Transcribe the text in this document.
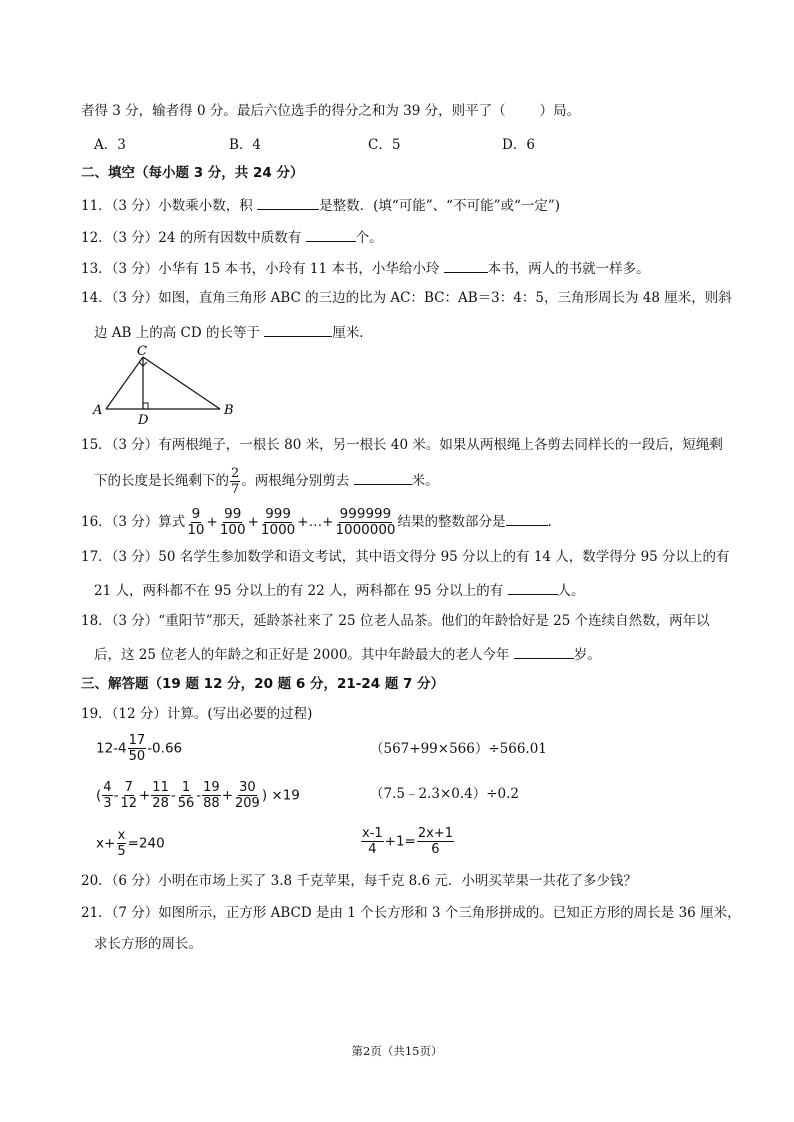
者得 3 分，输者得 0 分。最后六位选手的得分之和为 39 分，则平了（	）局。
A．3	B．4	C．5	D．6
二、填空（每小题 3 分，共 24 分）
11．（3 分）小数乘小数，积	是整数．(填“可能”、“不可能”或“一定”)
12．（3 分）24 的所有因数中质数有	个。
13．（3 分）小华有 15 本书，小玲有 11 本书，小华给小玲	本书，两人的书就一样多。
14．（3 分）如图，直角三角形 ABC 的三边的比为 AC：BC：AB＝3：4：5，三角形周长为 48 厘米，则斜
边 AB 上的高 CD 的长等于	厘米．
C
A	B
D
15．（3 分）有两根绳子，一根长 80 米，另一根长 40 米。如果从两根绳上各剪去同样长的一段后，短绳剩
下的长度是长绳剩下的 $\frac{2}{7}$ 。两根绳分别剪去	米。
16．（3 分）算式 $\frac{9}{10} + \frac{99}{100} + \frac{999}{1000}$ +…+ $\frac{999999}{1000000}$ 结果的整数部分是	.
17．（3 分）50 名学生参加数学和语文考试，其中语文得分 95 分以上的有 14 人，数学得分 95 分以上的有
21 人，两科都不在 95 分以上的有 22 人，两科都在 95 分以上的有	人。
18．（3 分）“重阳节”那天，延龄茶社来了 25 位老人品茶。他们的年龄恰好是 25 个连续自然数，两年以
后，这 25 位老人的年龄之和正好是 2000。其中年龄最大的老人今年	岁。
三、解答题（19 题 12 分，20 题 6 分，21-24 题 7 分）
19．（12 分）计算。(写出必要的过程)
$12-4 \frac{17}{50} -0.66$	（567+99×566）÷566.01
( $\frac{4}{3} - \frac{7}{12} + \frac{11}{28} - \frac{1}{56} - \frac{19}{88} + \frac{30}{209}$ ) ×19	（7.5﹣2.3×0.4）÷0.2
$x+ \frac{x}{5} =240$	$\frac{x-1}{4} +1= \frac{2x+1}{6}$
20．（6 分）小明在市场上买了 3.8 千克苹果，每千克 8.6 元．小明买苹果一共花了多少钱？
21．（7 分）如图所示，正方形 ABCD 是由 1 个长方形和 3 个三角形拼成的。已知正方形的周长是 36 厘米，
求长方形的周长。
第2页（共15页）
